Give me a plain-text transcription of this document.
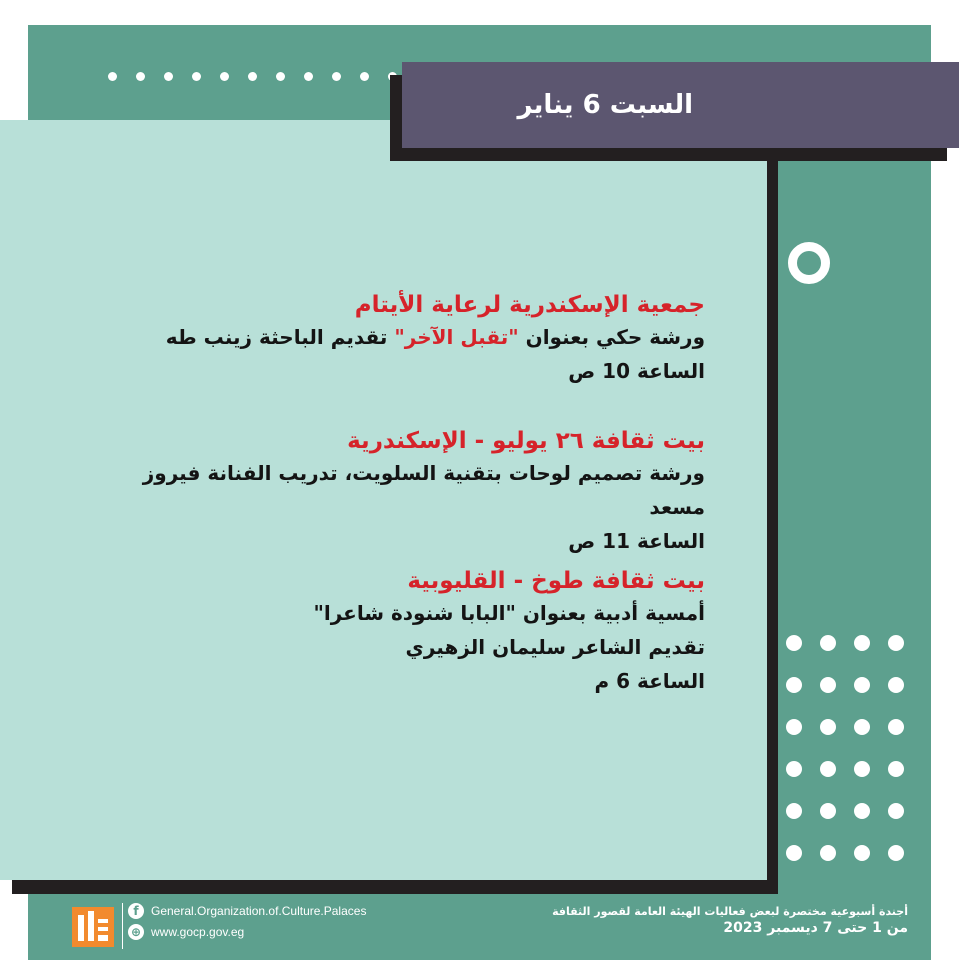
السبت 6 يناير
جمعية الإسكندرية لرعاية الأيتام
ورشة حكي بعنوان "تقبل الآخر" تقديم الباحثة زينب طه
الساعة 10 ص
بيت ثقافة ٢٦ يوليو - الإسكندرية
ورشة تصميم لوحات بتقنية السلويت، تدريب الفنانة فيروز مسعد
الساعة 11 ص
بيت ثقافة طوخ - القليوبية
أمسية أدبية بعنوان "البابا شنودة شاعرا"
تقديم الشاعر سليمان الزهيري
الساعة 6 م
f	General.Organization.of.Culture.Palaces
⊕ www.gocp.gov.eg
أجندة أسبوعية مختصرة لبعض فعاليات الهيئة العامة لقصور الثقافة
من 1 حتى 7 ديسمبر 2023
